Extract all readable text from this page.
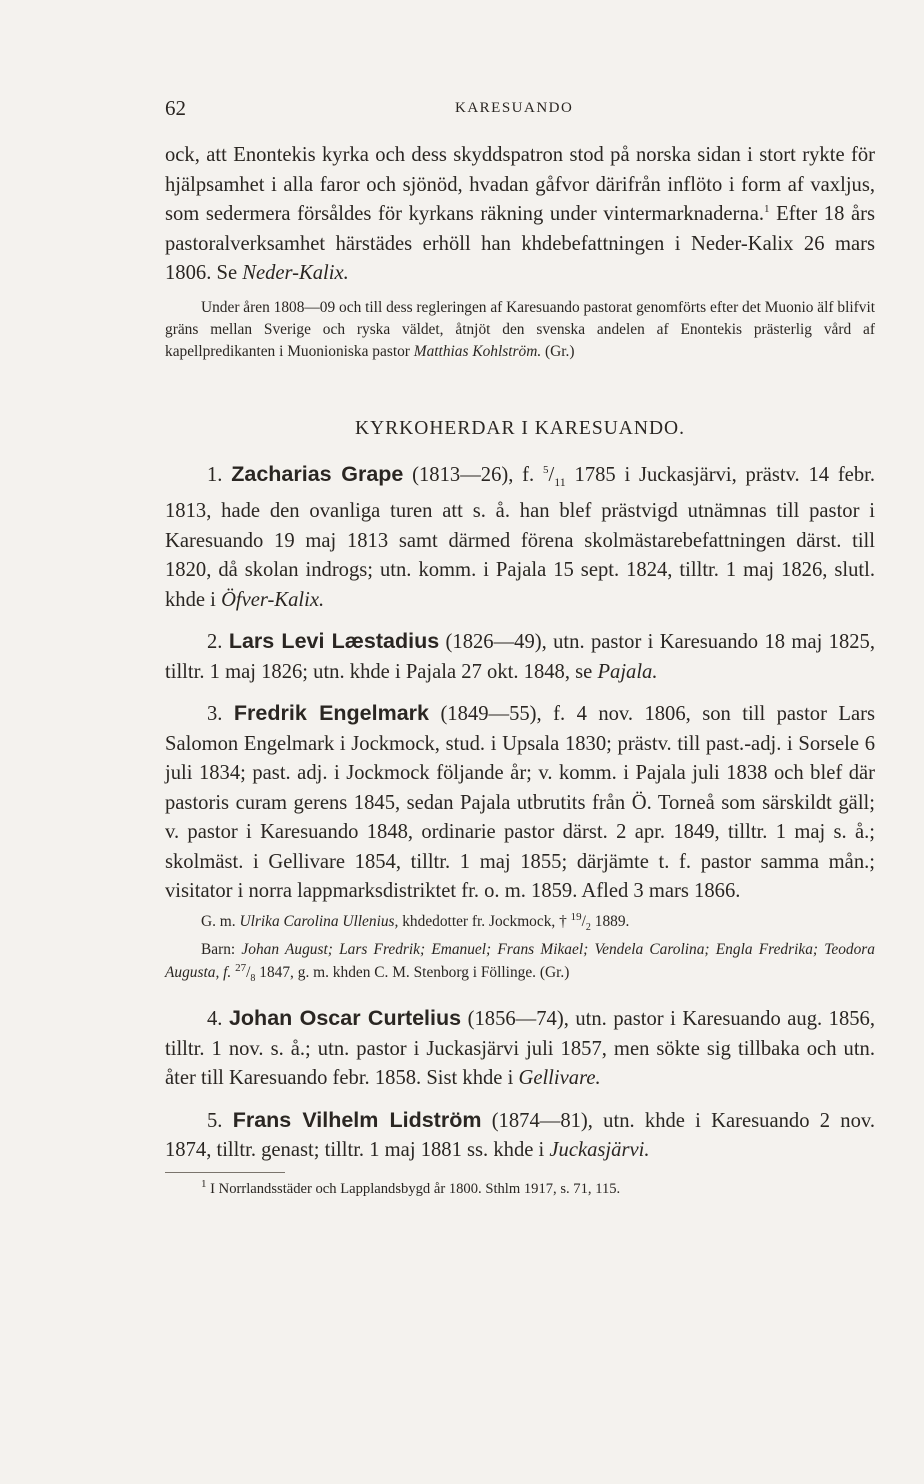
62	KARESUANDO

ock, att Enontekis kyrka och dess skyddspatron stod på norska sidan i stort rykte för hjälpsamhet i alla faror och sjönöd, hvadan gåfvor därifrån inflöto i form af vaxljus, som sedermera försåldes för kyrkans räkning under vintermarknaderna.$^1$ Efter 18 års pastoralverksamhet härstädes erhöll han khdebefattningen i Neder-Kalix 26 mars 1806. Se Neder-Kalix.

Under åren 1808—09 och till dess regleringen af Karesuando pastorat genomförts efter det Muonio älf blifvit gräns mellan Sverige och ryska väldet, åtnjöt den svenska andelen af Enontekis prästerlig vård af kapellpredikanten i Muonioniska pastor Matthias Kohlström. (Gr.)

KYRKOHERDAR I KARESUANDO.

1. Zacharias Grape (1813—26), f. $^5/_{11}$ 1785 i Juckasjärvi, prästv. 14 febr. 1813, hade den ovanliga turen att s. å. han blef prästvigd utnämnas till pastor i Karesuando 19 maj 1813 samt därmed förena skolmästarebefattningen därst. till 1820, då skolan indrogs; utn. komm. i Pajala 15 sept. 1824, tilltr. 1 maj 1826, slutl. khde i Öfver-Kalix.

2. Lars Levi Læstadius (1826—49), utn. pastor i Karesuando 18 maj 1825, tilltr. 1 maj 1826; utn. khde i Pajala 27 okt. 1848, se Pajala.

3. Fredrik Engelmark (1849—55), f. 4 nov. 1806, son till pastor Lars Salomon Engelmark i Jockmock, stud. i Upsala 1830; prästv. till past.-adj. i Sorsele 6 juli 1834; past. adj. i Jockmock följande år; v. komm. i Pajala juli 1838 och blef där pastoris curam gerens 1845, sedan Pajala utbrutits från Ö. Torneå som särskildt gäll; v. pastor i Karesuando 1848, ordinarie pastor därst. 2 apr. 1849, tilltr. 1 maj s. å.; skolmäst. i Gellivare 1854, tilltr. 1 maj 1855; därjämte t. f. pastor samma mån.; visitator i norra lappmarksdistriktet fr. o. m. 1859. Afled 3 mars 1866.

G. m. Ulrika Carolina Ullenius, khdedotter fr. Jockmock, † $^{19}/_2$ 1889.
Barn: Johan August; Lars Fredrik; Emanuel; Frans Mikael; Vendela Carolina; Engla Fredrika; Teodora Augusta, f. $^{27}/_8$ 1847, g. m. khden C. M. Stenborg i Föllinge. (Gr.)

4. Johan Oscar Curtelius (1856—74), utn. pastor i Karesuando aug. 1856, tilltr. 1 nov. s. å.; utn. pastor i Juckasjärvi juli 1857, men sökte sig tillbaka och utn. åter till Karesuando febr. 1858. Sist khde i Gellivare.

5. Frans Vilhelm Lidström (1874—81), utn. khde i Karesuando 2 nov. 1874, tilltr. genast; tilltr. 1 maj 1881 ss. khde i Juckasjärvi.

$^1$ I Norrlandsstäder och Lapplandsbygd år 1800. Sthlm 1917, s. 71, 115.
